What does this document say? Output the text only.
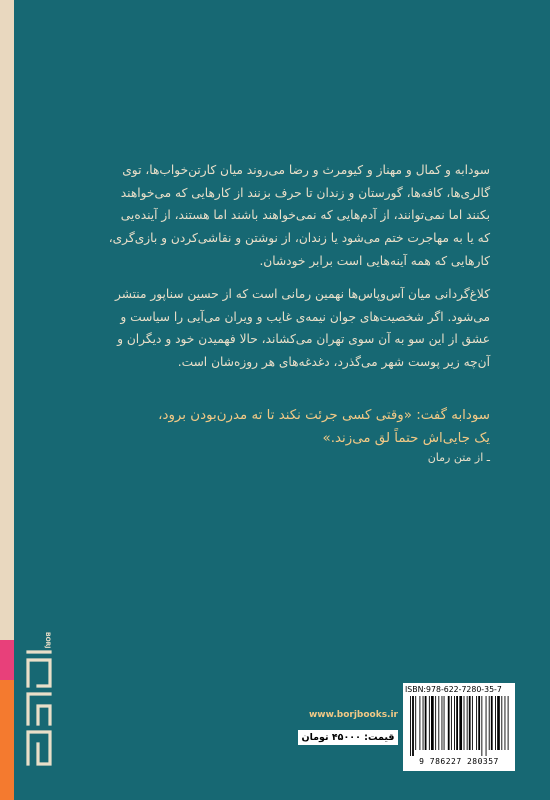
سودابه و کمال و مهناز و کیومرث و رضا می‌روند میان کارتن‌خواب‌ها، توی
گالری‌ها، کافه‌ها، گورستان و زندان تا حرف بزنند از کارهایی که می‌خواهند
بکنند اما نمی‌توانند، از آدم‌هایی که نمی‌خواهند باشند اما هستند، از آینده‌یی
که یا به مهاجرت ختم می‌شود یا زندان، از نوشتن و نقاشی‌کردن و بازی‌گری،
کارهایی که همه آینه‌هایی است برابر خودشان.
کلاغ‌گردانی میان آس‌وپاس‌ها نهمین رمانی است که از حسین سناپور منتشر
می‌شود. اگر شخصیت‌های جوان نیمه‌ی غایب و ویران می‌آیی را سیاست و
عشق از این سو به آن سوی تهران می‌کشاند، حالا فهمیدن خود و دیگران و
آن‌چه زیر پوست شهر می‌گذرد، دغدغه‌های هر روزه‌شان است.
سودابه گفت: «وقتی کسی جرئت نکند تا ته مدرن‌بودن برود،
یک جایی‌اش حتماً لق می‌زند.»
ـ از متن رمان
BORJ
www.borjbooks.ir
قیمت: ۴۵۰۰۰ تومان
ISBN:978-622-7280-35-7
9 786227 280357
